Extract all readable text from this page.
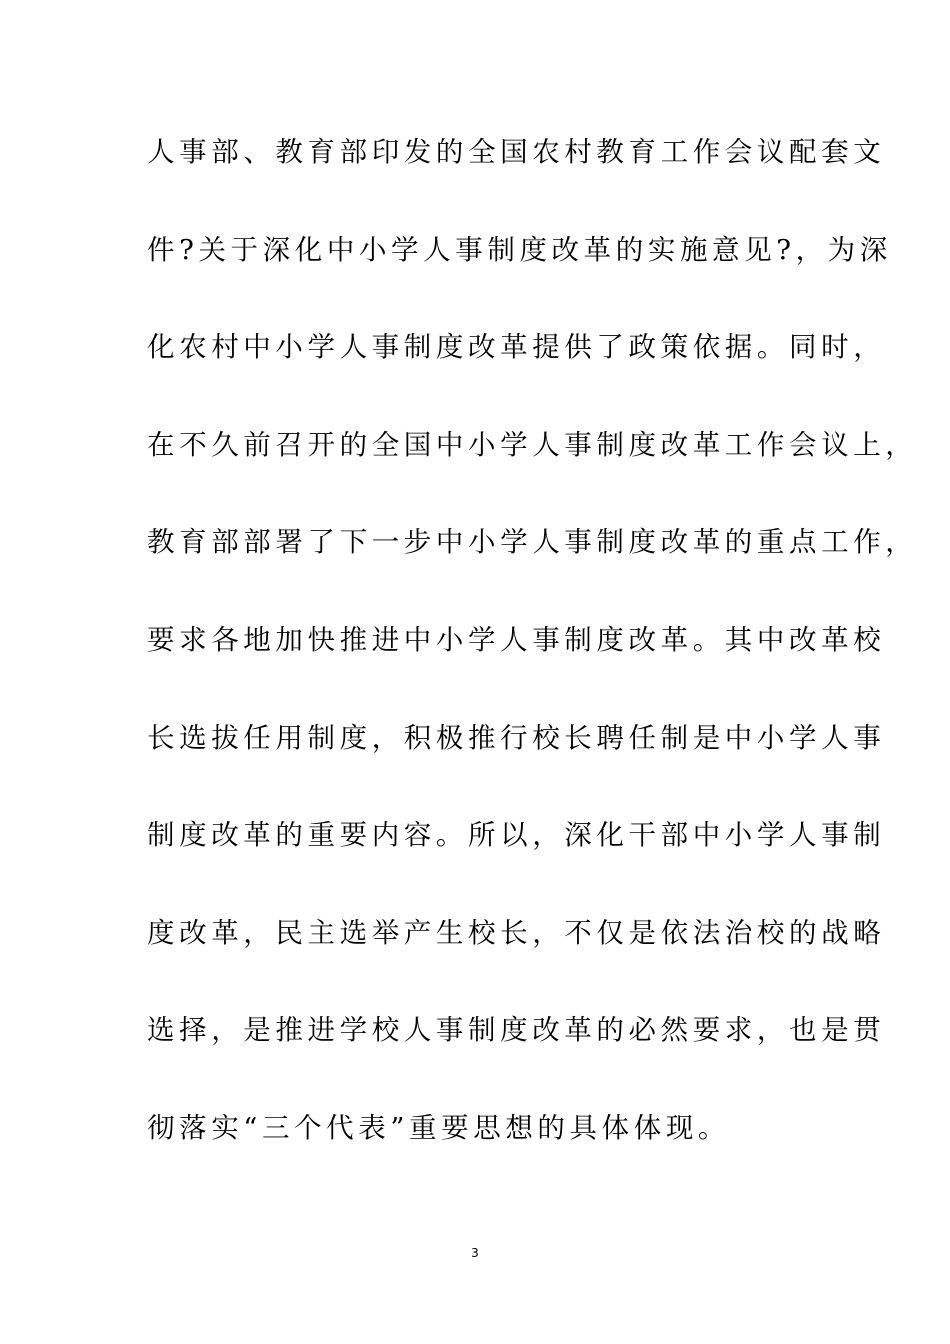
人事部、教育部印发的全国农村教育工作会议配套文
件?关于深化中小学人事制度改革的实施意见?，为深
化农村中小学人事制度改革提供了政策依据。同时，
在不久前召开的全国中小学人事制度改革工作会议上，
教育部部署了下一步中小学人事制度改革的重点工作，
要求各地加快推进中小学人事制度改革。其中改革校
长选拔任用制度，积极推行校长聘任制是中小学人事
制度改革的重要内容。所以，深化干部中小学人事制
度改革，民主选举产生校长，不仅是依法治校的战略
选择，是推进学校人事制度改革的必然要求，也是贯
彻落实“三个代表”重要思想的具体体现。
3
